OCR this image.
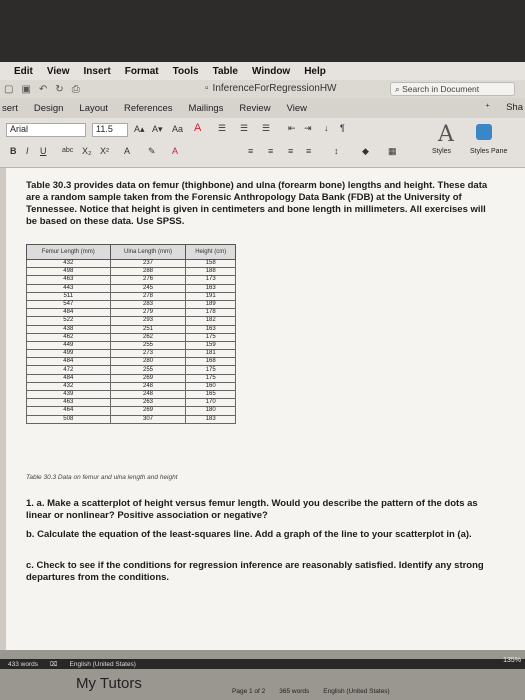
Edit View Insert Format Tools Table Window Help
▢ ▣ ↶ ↻ ⎙	▫ InferenceForRegressionHW	⌕ Search in Document
sert Design Layout References Mailings Review View	⁺ Sha
Arial	11.5	A▴ A▾ Aa A ☰ ☰ ☰ ⇤ ⇥ ↓ ¶
B I U abc X₂ X² A ✎ A	≡ ≡ ≡ ≡	↕	◆ ▦
A
Styles	Styles Pane

Table 30.3 provides data on femur (thighbone) and ulna (forearm bone) lengths and height. These data are a random sample taken from the Forensic Anthropology Data Bank (FDB) at the University of Tennessee. Notice that height is given in centimeters and bone length in millimeters. All exercises will be based on these data. Use SPSS.

Femur Length (mm)	Ulna Length (mm)	Height (cm)
432	237	158
498	288	188
463	276	173
443	245	163
511	278	191
547	283	189
484	279	178
522	293	182
438	251	163
462	262	175
449	255	159
499	273	181
484	280	168
472	255	175
484	269	175
432	248	160
439	248	165
463	263	170
464	269	180
508	307	183

Table 30.3 Data on femur and ulna length and height

1. a. Make a scatterplot of height versus femur length. Would you describe the pattern of the dots as linear or nonlinear? Positive association or negative?

b. Calculate the equation of the least-squares line. Add a graph of the line to your scatterplot in (a).

c. Check to see if the conditions for regression inference are reasonably satisfied. Identify any strong departures from the conditions.

433 words ⌧ English (United States)	135%
My Tutors	Page 1 of 2 365 words English (United States)
